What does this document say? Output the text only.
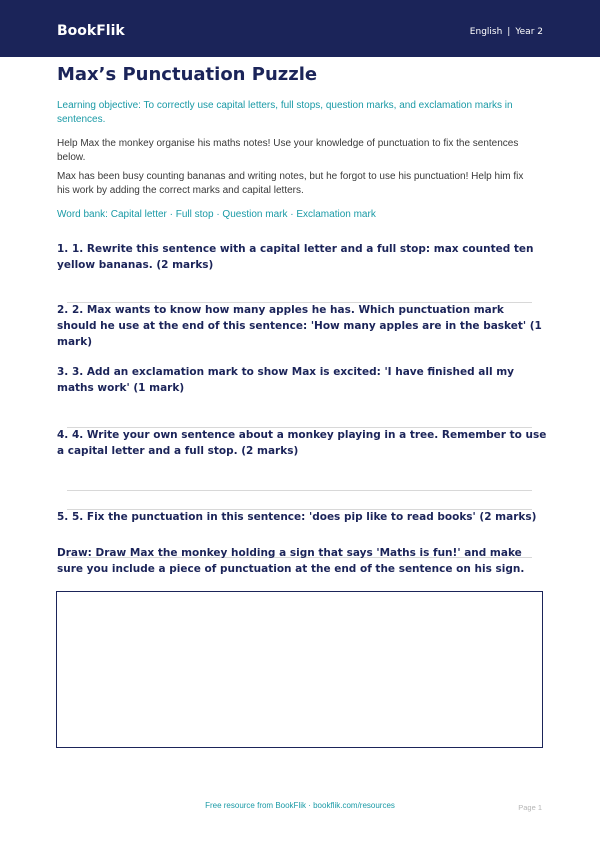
BookFlik	English | Year 2
Max’s Punctuation Puzzle
Learning objective: To correctly use capital letters, full stops, question marks, and exclamation marks in sentences.
Help Max the monkey organise his maths notes! Use your knowledge of punctuation to fix the sentences below.
Max has been busy counting bananas and writing notes, but he forgot to use his punctuation! Help him fix his work by adding the correct marks and capital letters.
Word bank: Capital letter · Full stop · Question mark · Exclamation mark
1. 1. Rewrite this sentence with a capital letter and a full stop: max counted ten yellow bananas. (2 marks)
2. 2. Max wants to know how many apples he has. Which punctuation mark should he use at the end of this sentence: 'How many apples are in the basket' (1 mark)
3. 3. Add an exclamation mark to show Max is excited: 'I have finished all my maths work' (1 mark)
4. 4. Write your own sentence about a monkey playing in a tree. Remember to use a capital letter and a full stop. (2 marks)
5. 5. Fix the punctuation in this sentence: 'does pip like to read books' (2 marks)
Draw: Draw Max the monkey holding a sign that says 'Maths is fun!' and make sure you include a piece of punctuation at the end of the sentence on his sign.
Free resource from BookFlik · bookflik.com/resources	Page 1
